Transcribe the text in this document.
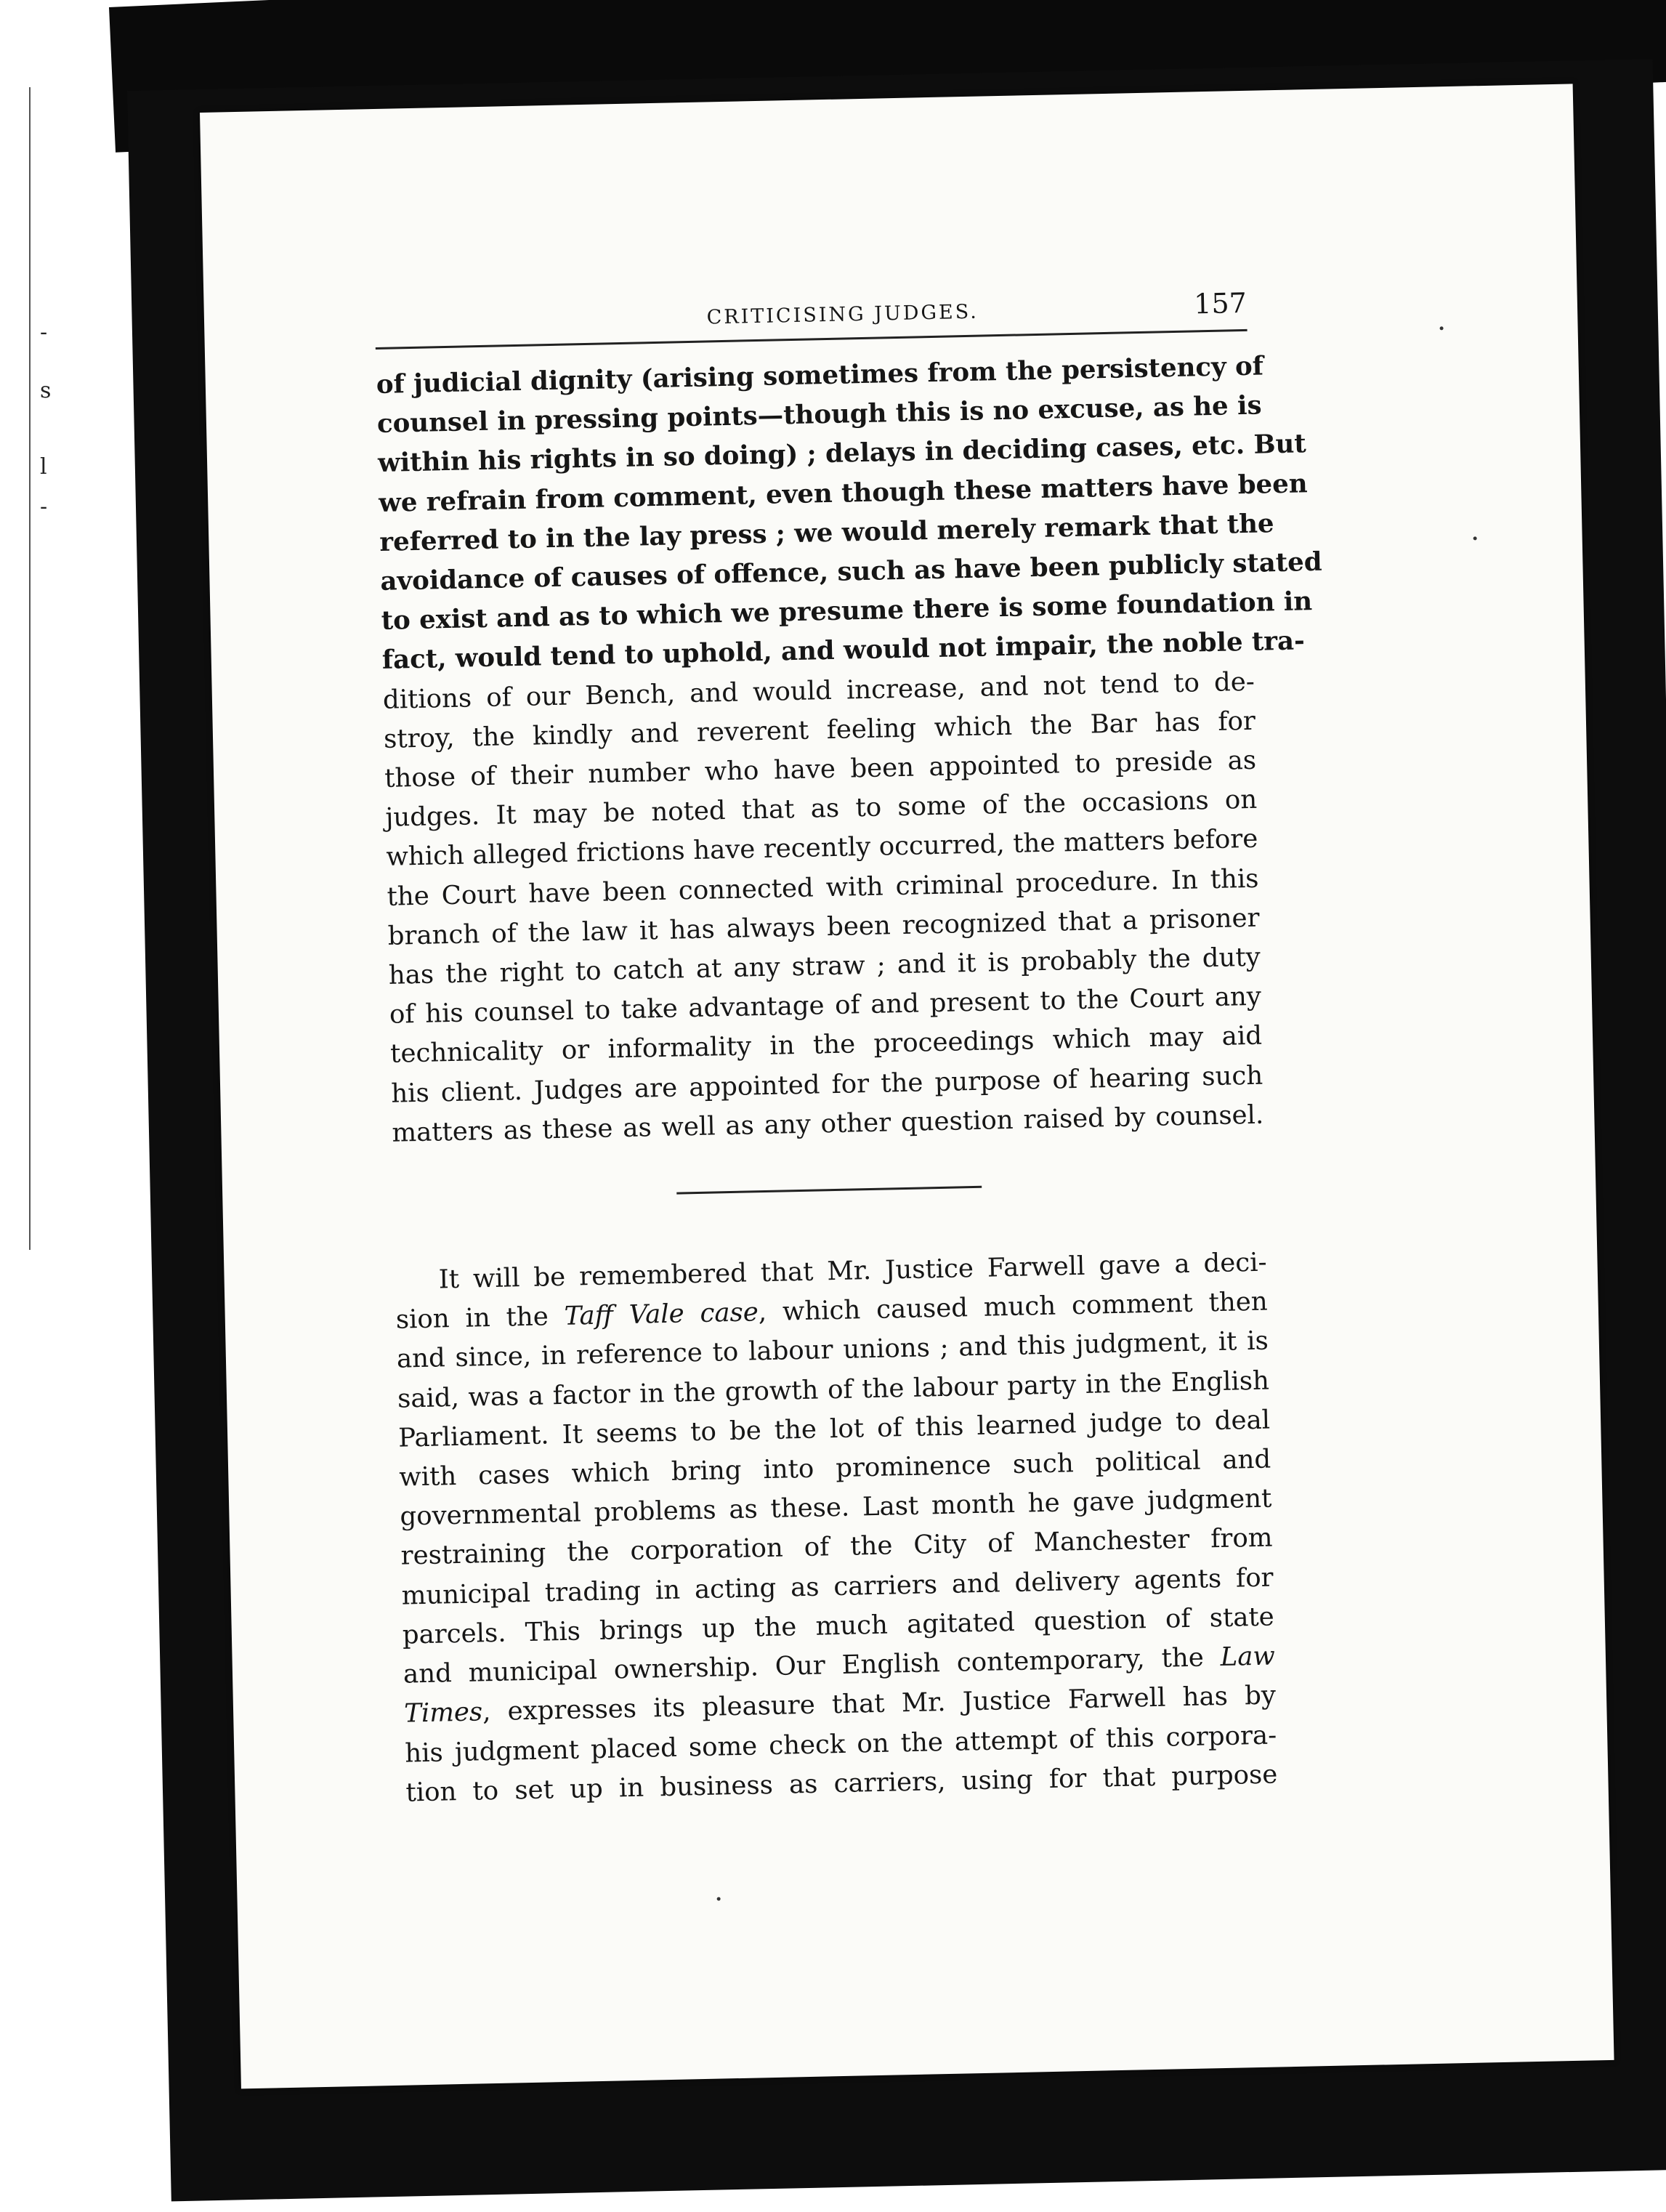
s
l
-
-
CRITICISING JUDGES.	157

of judicial dignity (arising sometimes from the persistency of
counsel in pressing points—though this is no excuse, as he is
within his rights in so doing) ; delays in deciding cases, etc. But
we refrain from comment, even though these matters have been
referred to in the lay press ; we would merely remark that the
avoidance of causes of offence, such as have been publicly stated
to exist and as to which we presume there is some foundation in
fact, would tend to uphold, and would not impair, the noble tra-
ditions of our Bench, and would increase, and not tend to de-
stroy, the kindly and reverent feeling which the Bar has for
those of their number who have been appointed to preside as
judges. It may be noted that as to some of the occasions on
which alleged frictions have recently occurred, the matters before
the Court have been connected with criminal procedure. In this
branch of the law it has always been recognized that a prisoner
has the right to catch at any straw ; and it is probably the duty
of his counsel to take advantage of and present to the Court any
technicality or informality in the proceedings which may aid
his client. Judges are appointed for the purpose of hearing such
matters as these as well as any other question raised by counsel.

It will be remembered that Mr. Justice Farwell gave a deci-
sion in the Taff Vale case, which caused much comment then
and since, in reference to labour unions ; and this judgment, it is
said, was a factor in the growth of the labour party in the English
Parliament. It seems to be the lot of this learned judge to deal
with cases which bring into prominence such political and
governmental problems as these. Last month he gave judgment
restraining the corporation of the City of Manchester from
municipal trading in acting as carriers and delivery agents for
parcels. This brings up the much agitated question of state
and municipal ownership. Our English contemporary, the Law
Times, expresses its pleasure that Mr. Justice Farwell has by
his judgment placed some check on the attempt of this corpora-
tion to set up in business as carriers, using for that purpose
